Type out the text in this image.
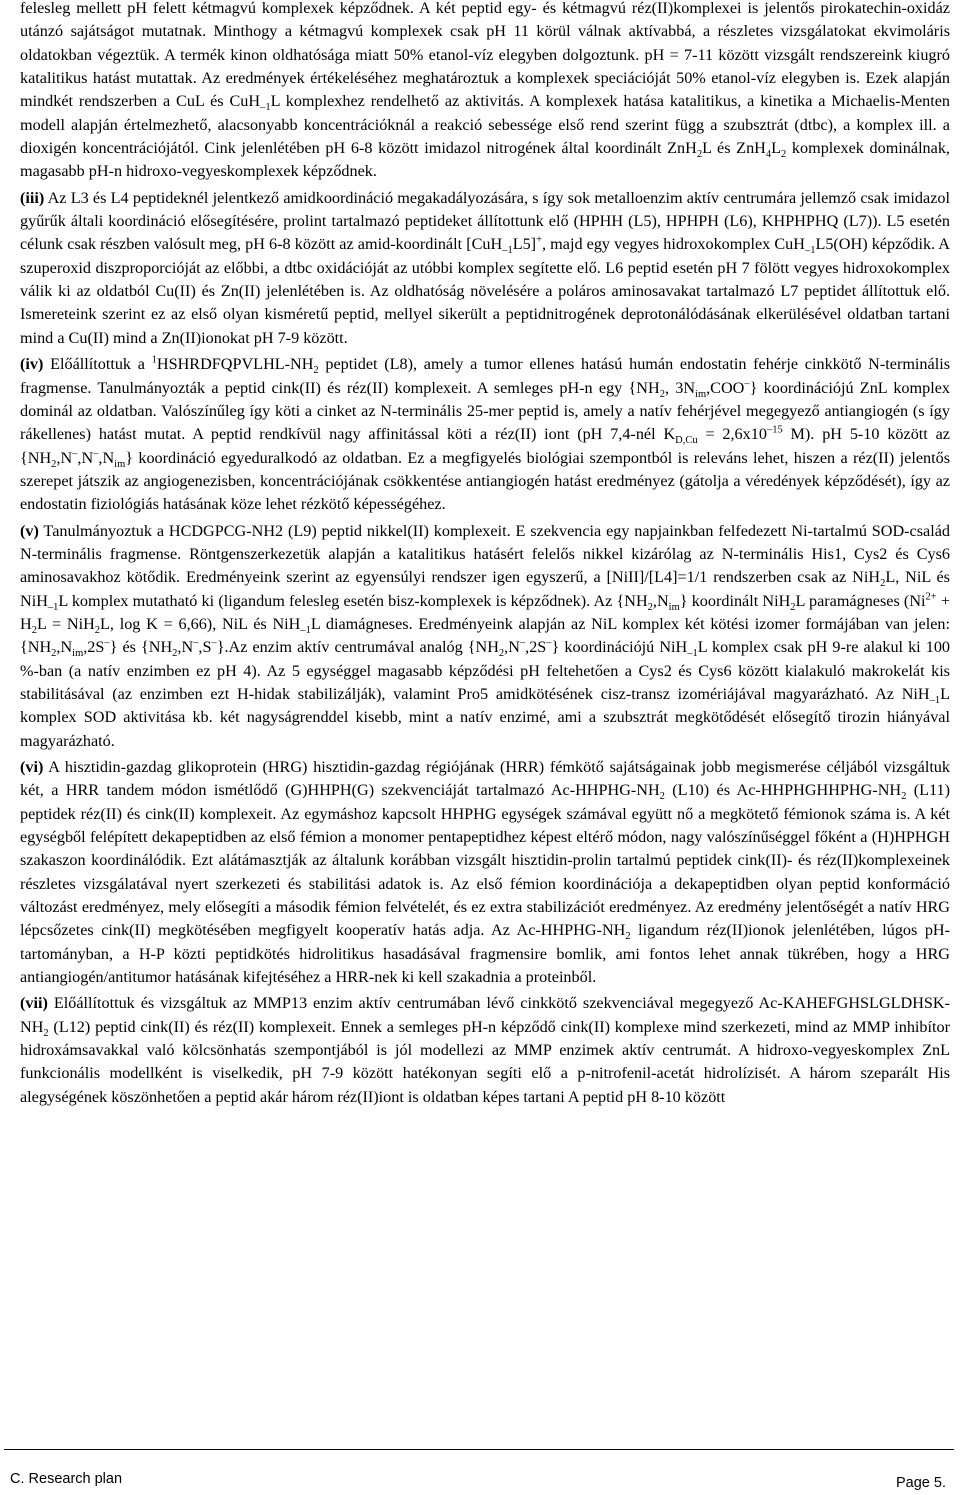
felesleg mellett pH felett kétmagvú komplexek képződnek. A két peptid egy- és kétmagvú réz(II)komplexei is jelentős pirokatechin-oxidáz utánzó sajátságot mutatnak. Minthogy a kétmagvú komplexek csak pH 11 körül válnak aktívabbá, a részletes vizsgálatokat ekvimoláris oldatokban végeztük. A termék kinon oldhatósága miatt 50% etanol-víz elegyben dolgoztunk. pH = 7-11 között vizsgált rendszereink kiugró katalitikus hatást mutattak. Az eredmények értékeléséhez meghatároztuk a komplexek speciációját 50% etanol-víz elegyben is. Ezek alapján mindkét rendszerben a CuL és CuH$_{-1}$L komplexhez rendelhető az aktivitás. A komplexek hatása katalitikus, a kinetika a Michaelis-Menten modell alapján értelmezhető, alacsonyabb koncentrációknál a reakció sebessége első rend szerint függ a szubsztrát (dtbc), a komplex ill. a dioxigén koncentrációjától. Cink jelenlétében pH 6-8 között imidazol nitrogének által koordinált ZnH$_2$L és $ZnH_4L_2$ komplexek dominálnak, magasabb pH-n hidroxo-vegyeskomplexek képződnek.

(iii) Az L3 és L4 peptideknél jelentkező amidkoordináció megakadályozására, s így sok metalloenzim aktív centrumára jellemző csak imidazol gyűrűk általi koordináció elősegítésére, prolint tartalmazó peptideket állítottunk elő (HPHH (L5), HPHPH (L6), KHPHPHQ (L7)). L5 esetén célunk csak részben valósult meg, pH 6-8 között az amid-koordinált [CuH$_{-1}$L5]+, majd egy vegyes hidroxokomplex CuH$_{-1}$L5(OH) képződik. A szuperoxid diszproporcióját az előbbi, a dtbc oxidációját az utóbbi komplex segítette elő. L6 peptid esetén pH 7 fölött vegyes hidroxokomplex válik ki az oldatból Cu(II) és Zn(II) jelenlétében is. Az oldhatóság növelésére a poláros aminosavakat tartalmazó L7 peptidet állítottuk elő. Ismereteink szerint ez az első olyan kisméretű peptid, mellyel sikerült a peptidnitrogének deprotonálódásának elkerülésével oldatban tartani mind a Cu(II) mind a Zn(II)ionokat pH 7-9 között.

(iv) Előállítottuk a $^1HSHRDFQPVLHL-NH_2$ peptidet (L8), amely a tumor ellenes hatású humán endostatin fehérje cinkkötő N-terminális fragmense. Tanulmányozták a peptid cink(II) és réz(II) komplexeit. A semleges pH-n egy {$NH_2$, $3N_{im},COO^-$} koordinációjú ZnL komplex dominál az oldatban. Valószínűleg így köti a cinket az N-terminális 25-mer peptid is, amely a natív fehérjével megegyező antiangiogén (s így rákellenes) hatást mutat. A peptid rendkívül nagy affinitással köti a réz(II) iont (pH 7,4-nél $K_{D,Cu} = 2,6x10^{-15}$ M). pH 5-10 között az $\{NH_2,N^-,N^-,N_{im}\}$ koordináció egyeduralkodó az oldatban. Ez a megfigyelés biológiai szempontból is releváns lehet, hiszen a réz(II) jelentős szerepet játszik az angiogenezisben, koncentrációjának csökkentése antiangiogén hatást eredményez (gátolja a véredények képződését), így az endostatin fiziológiás hatásának köze lehet rézkötő képességéhez.

(v) Tanulmányoztuk a HCDGPCG-NH2 (L9) peptid nikkel(II) komplexeit. E szekvencia egy napjainkban felfedezett Ni-tartalmú SOD-család N-terminális fragmense. Röntgenszerkezetük alapján a katalitikus hatásért felelős nikkel kizárólag az N-terminális His1, Cys2 és Cys6 aminosavakhoz kötődik. Eredményeink szerint az egyensúlyi rendszer igen egyszerű, a [NiII]/[L4]=1/1 rendszerben csak az NiH$_2$L, NiL és NiH$_{-1}$L komplex mutatható ki (ligandum felesleg esetén bisz-komplexek is képződnek). Az $\{NH_2,N_{im}\}$ koordinált NiH$_2$L paramágneses ($Ni^{2+} + H_2L = NiH_2L$, log K = 6,66), NiL és NiH$_{-1}$L diamágneses. Eredményeink alapján az NiL komplex két kötési izomer formájában van jelen: $\{NH_2,N_{im},2S^-\}$ és $\{NH_2,N^-,S^-\}.Az$ enzim aktív centrumával analóg $\{NH_2,N^-,2S^-\}$ koordinációjú NiH$_{-1}$L komplex csak pH 9-re alakul ki 100 %-ban (a natív enzimben ez pH 4). Az 5 egységgel magasabb képződési pH feltehetően a Cys2 és Cys6 között kialakuló makrokelát kis stabilitásával (az enzimben ezt H-hidak stabilizálják), valamint Pro5 amidkötésének cisz-transz izomériájával magyarázható. Az NiH$_{-1}$L komplex SOD aktivitása kb. két nagyságrenddel kisebb, mint a natív enzimé, ami a szubsztrát megkötődését elősegítő tirozin hiányával magyarázható.

(vi) A hisztidin-gazdag glikoprotein (HRG) hisztidin-gazdag régiójának (HRR) fémkötő sajátságainak jobb megismerése céljából vizsgáltuk két, a HRR tandem módon ismétlődő (G)HHPH(G) szekvenciáját tartalmazó $Ac-HHPHG-NH_2$ (L10) és $Ac-HHPHGHHPHG-NH_2$ (L11) peptidek réz(II) és cink(II) komplexeit. Az egymáshoz kapcsolt HHPHG egységek számával együtt nő a megkötető fémionok száma is. A két egységből felépített dekapeptidben az első fémion a monomer pentapeptidhez képest eltérő módon, nagy valószínűséggel főként a (H)HPHGH szakaszon koordinálódik. Ezt alátámasztják az általunk korábban vizsgált hisztidin-prolin tartalmú peptidek cink(II)- és réz(II)komplexeinek részletes vizsgálatával nyert szerkezeti és stabilitási adatok is. Az első fémion koordinációja a dekapeptidben olyan peptid konformáció változást eredményez, mely elősegíti a második fémion felvételét, és ez extra stabilizációt eredményez. Az eredmény jelentőségét a natív HRG lépcsőzetes cink(II) megkötésében megfigyelt kooperatív hatás adja. Az $Ac-HHPHG-NH_2$ ligandum réz(II)ionok jelenlétében, lúgos pH-tartományban, a H-P közti peptidkötés hidrolitikus hasadásával fragmensire bomlik, ami fontos lehet annak tükrében, hogy a HRG antiangiogén/antitumor hatásának kifejtéséhez a HRR-nek ki kell szakadnia a proteinből.

(vii) Előállítottuk és vizsgáltuk az MMP13 enzim aktív centrumában lévő cinkkötő szekvenciával megegyező $Ac-KAHEFGHSLGLDHSK-NH_2$ (L12) peptid cink(II) és réz(II) komplexeit. Ennek a semleges pH-n képződő cink(II) komplexe mind szerkezeti, mind az MMP inhibítor hidroxámsavakkal való kölcsönhatás szempontjából is jól modellezi az MMP enzimek aktív centrumát. A hidroxo-vegyeskomplex ZnL funkcionális modellként is viselkedik, pH 7-9 között hatékonyan segíti elő a p-nitrofenil-acetát hidrolízisét. A három szeparált His alegységének köszönhetően a peptid akár három réz(II)iont is oldatban képes tartani A peptid pH 8-10 között

C. Research plan	Page 5.
